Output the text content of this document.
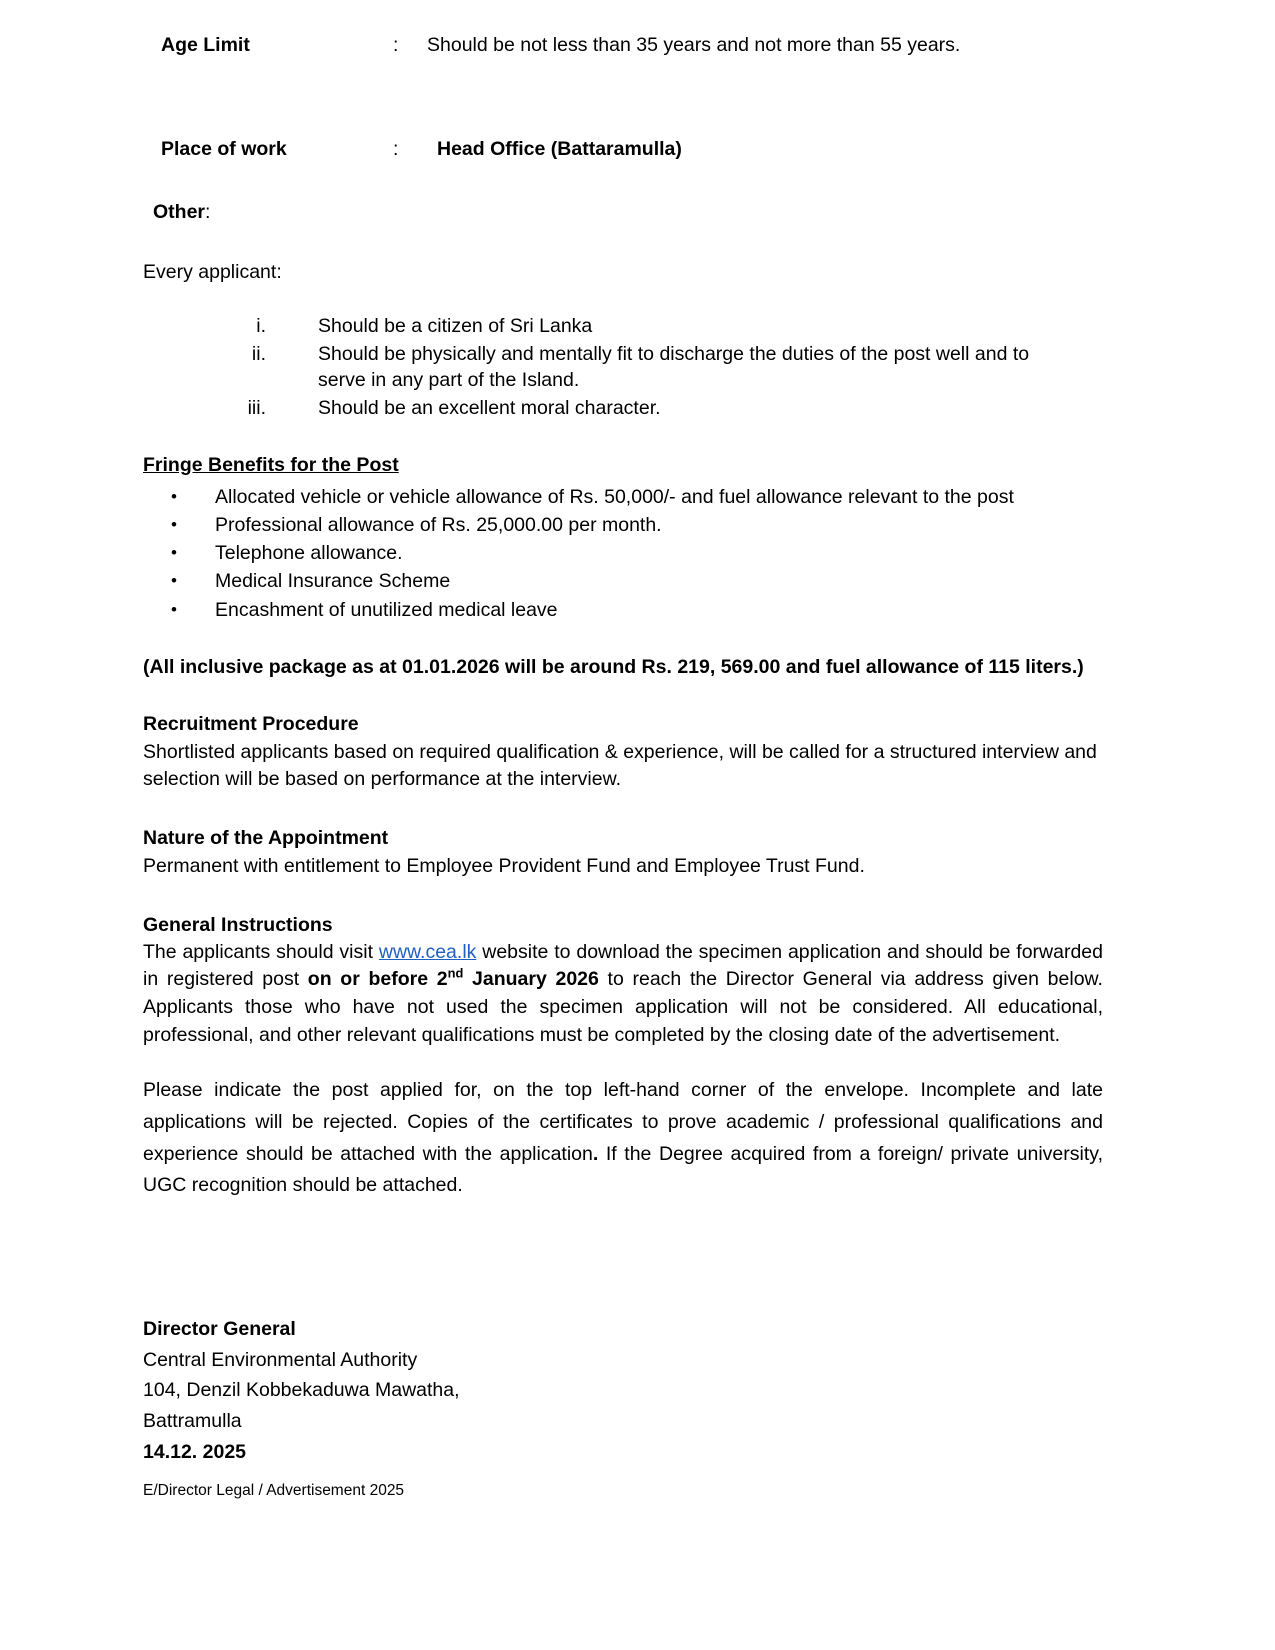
Age Limit	:	Should be not less than 35 years and not more than 55 years.
Place of work	:	Head Office (Battaramulla)
Other:
Every applicant:
i.	Should be a citizen of Sri Lanka
ii.	Should be physically and mentally fit to discharge the duties of the post well and to serve in any part of the Island.
iii.	Should be an excellent moral character.
Fringe Benefits for the Post
•	Allocated vehicle or vehicle allowance of Rs. 50,000/- and fuel allowance relevant to the post
•	Professional allowance of Rs. 25,000.00 per month.
•	Telephone allowance.
•	Medical Insurance Scheme
•	Encashment of unutilized medical leave
(All inclusive package as at 01.01.2026 will be around Rs. 219, 569.00 and fuel allowance of 115 liters.)
Recruitment Procedure
Shortlisted applicants based on required qualification & experience, will be called for a structured interview and selection will be based on performance at the interview.
Nature of the Appointment
Permanent with entitlement to Employee Provident Fund and Employee Trust Fund.
General Instructions
The applicants should visit www.cea.lk website to download the specimen application and should be forwarded in registered post on or before 2nd January 2026 to reach the Director General via address given below. Applicants those who have not used the specimen application will not be considered. All educational, professional, and other relevant qualifications must be completed by the closing date of the advertisement.
Please indicate the post applied for, on the top left-hand corner of the envelope. Incomplete and late applications will be rejected. Copies of the certificates to prove academic / professional qualifications and experience should be attached with the application. If the Degree acquired from a foreign/ private university, UGC recognition should be attached.
Director General
Central Environmental Authority
104, Denzil Kobbekaduwa Mawatha,
Battramulla
14.12. 2025
E/Director Legal / Advertisement 2025
